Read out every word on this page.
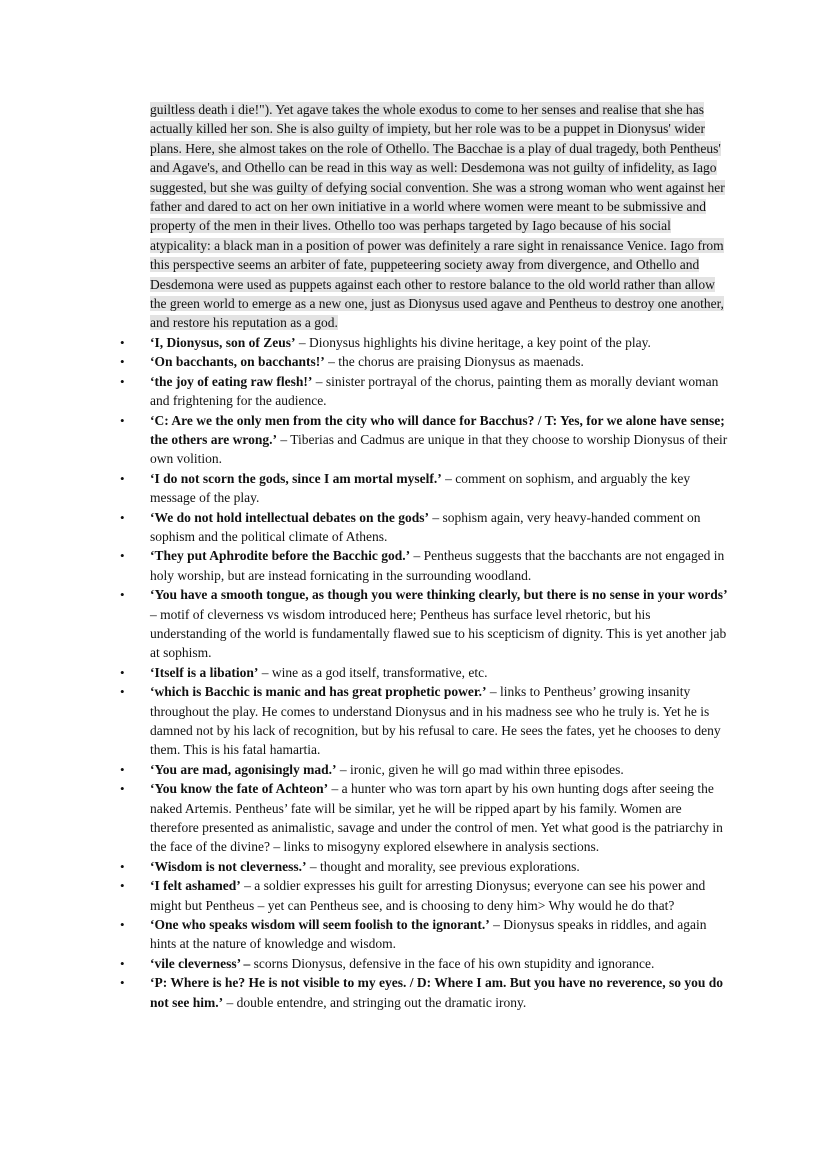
guiltless death i die!"). Yet agave takes the whole exodus to come to her senses and realise that she has actually killed her son. She is also guilty of impiety, but her role was to be a puppet in Dionysus' wider plans. Here, she almost takes on the role of Othello. The Bacchae is a play of dual tragedy, both Pentheus' and Agave's, and Othello can be read in this way as well: Desdemona was not guilty of infidelity, as Iago suggested, but she was guilty of defying social convention. She was a strong woman who went against her father and dared to act on her own initiative in a world where women were meant to be submissive and property of the men in their lives. Othello too was perhaps targeted by Iago because of his social atypicality: a black man in a position of power was definitely a rare sight in renaissance Venice. Iago from this perspective seems an arbiter of fate, puppeteering society away from divergence, and Othello and Desdemona were used as puppets against each other to restore balance to the old world rather than allow the green world to emerge as a new one, just as Dionysus used agave and Pentheus to destroy one another, and restore his reputation as a god.

• ‘I, Dionysus, son of Zeus’ – Dionysus highlights his divine heritage, a key point of the play.
• ‘On bacchants, on bacchants!’ – the chorus are praising Dionysus as maenads.
• ‘the joy of eating raw flesh!’ – sinister portrayal of the chorus, painting them as morally deviant woman and frightening for the audience.
• ‘C: Are we the only men from the city who will dance for Bacchus? / T: Yes, for we alone have sense; the others are wrong.’ – Tiberias and Cadmus are unique in that they choose to worship Dionysus of their own volition.
• ‘I do not scorn the gods, since I am mortal myself.’ – comment on sophism, and arguably the key message of the play.
• ‘We do not hold intellectual debates on the gods’ – sophism again, very heavy-handed comment on sophism and the political climate of Athens.
• ‘They put Aphrodite before the Bacchic god.’ – Pentheus suggests that the bacchants are not engaged in holy worship, but are instead fornicating in the surrounding woodland.
• ‘You have a smooth tongue, as though you were thinking clearly, but there is no sense in your words’ – motif of cleverness vs wisdom introduced here; Pentheus has surface level rhetoric, but his understanding of the world is fundamentally flawed sue to his scepticism of dignity. This is yet another jab at sophism.
• ‘Itself is a libation’ – wine as a god itself, transformative, etc.
• ‘which is Bacchic is manic and has great prophetic power.’ – links to Pentheus’ growing insanity throughout the play. He comes to understand Dionysus and in his madness see who he truly is. Yet he is damned not by his lack of recognition, but by his refusal to care. He sees the fates, yet he chooses to deny them. This is his fatal hamartia.
• ‘You are mad, agonisingly mad.’ – ironic, given he will go mad within three episodes.
• ‘You know the fate of Achteon’ – a hunter who was torn apart by his own hunting dogs after seeing the naked Artemis. Pentheus’ fate will be similar, yet he will be ripped apart by his family. Women are therefore presented as animalistic, savage and under the control of men. Yet what good is the patriarchy in the face of the divine? – links to misogyny explored elsewhere in analysis sections.
• ‘Wisdom is not cleverness.’ – thought and morality, see previous explorations.
• ‘I felt ashamed’ – a soldier expresses his guilt for arresting Dionysus; everyone can see his power and might but Pentheus – yet can Pentheus see, and is choosing to deny him> Why would he do that?
• ‘One who speaks wisdom will seem foolish to the ignorant.’ – Dionysus speaks in riddles, and again hints at the nature of knowledge and wisdom.
• ‘vile cleverness’ – scorns Dionysus, defensive in the face of his own stupidity and ignorance.
• ‘P: Where is he? He is not visible to my eyes. / D: Where I am. But you have no reverence, so you do not see him.’ – double entendre, and stringing out the dramatic irony.
